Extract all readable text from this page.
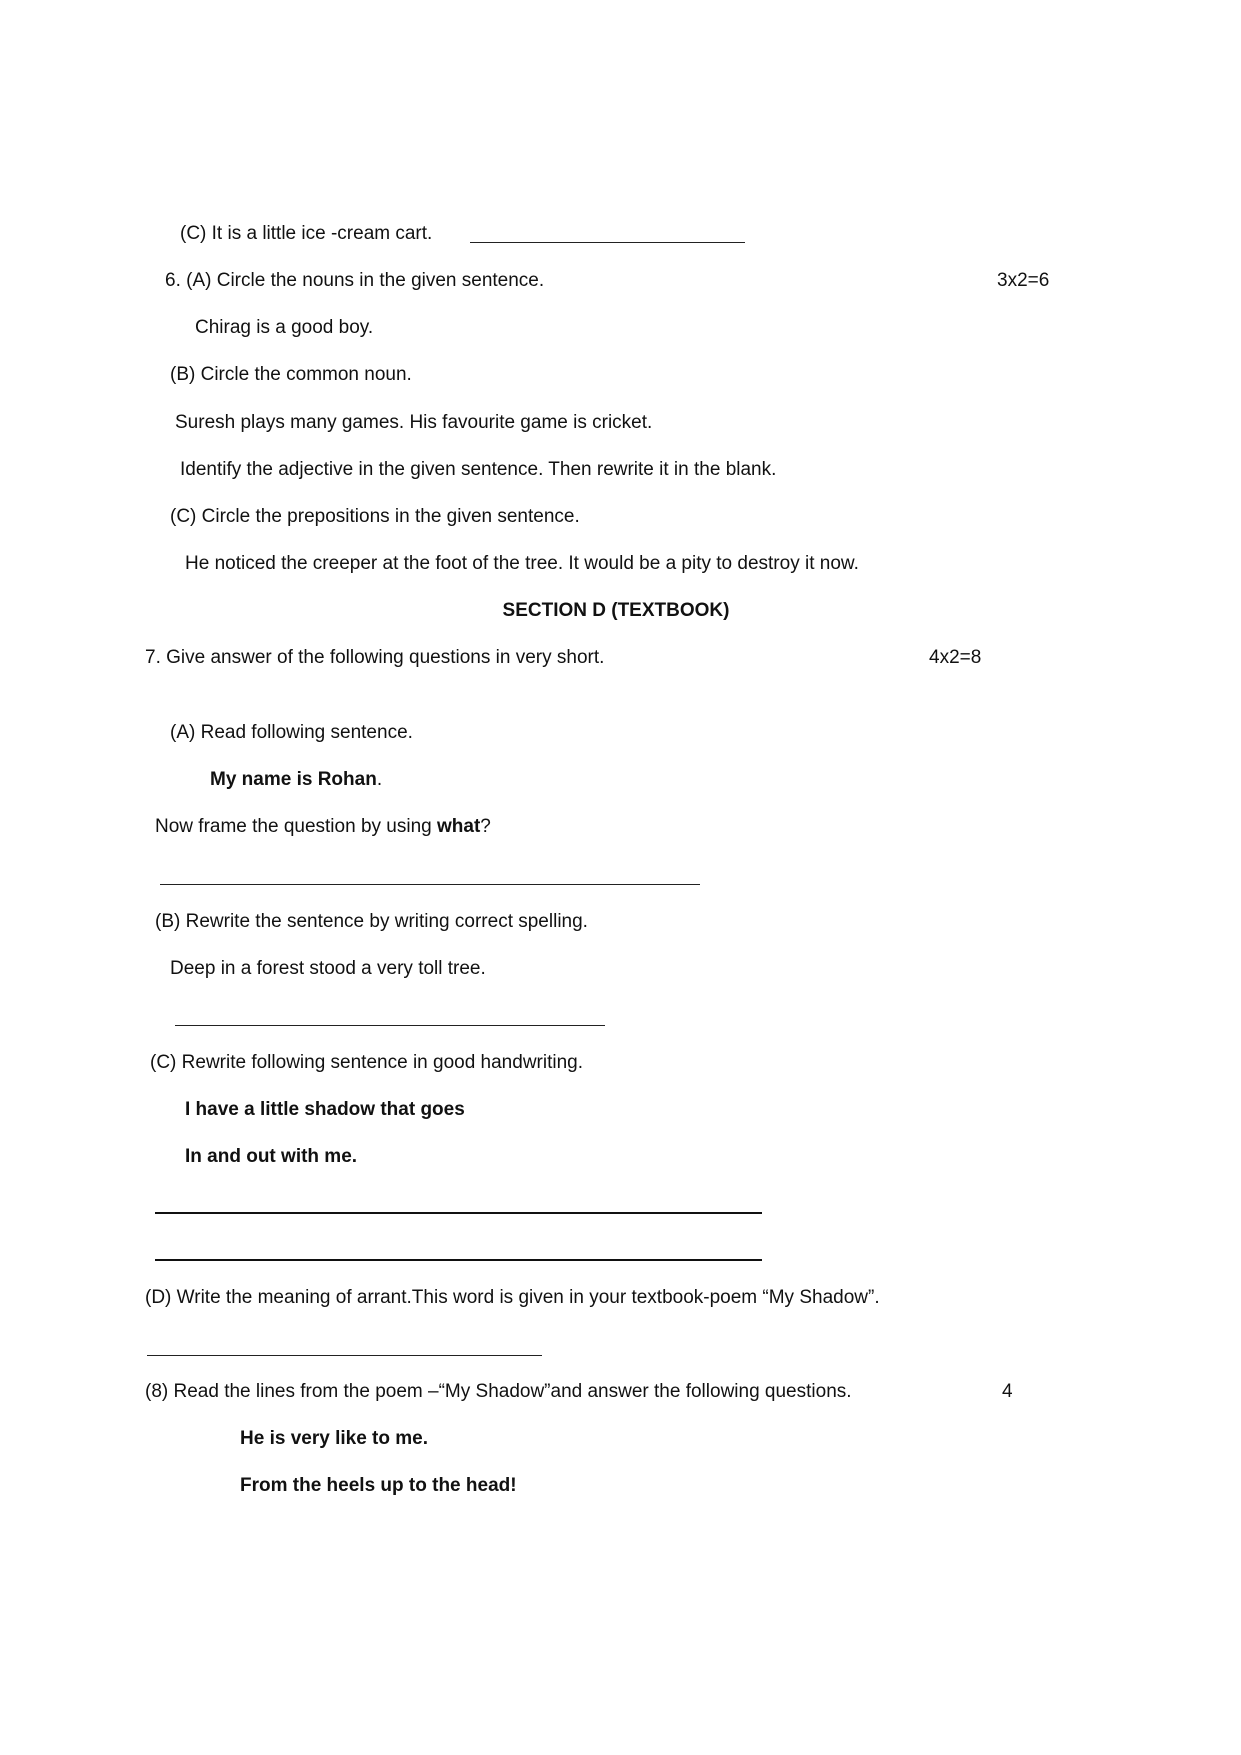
(C) It is a little ice -cream cart.
6. (A) Circle the nouns in the given sentence.	3x2=6
Chirag is a good boy.
(B) Circle the common noun.
Suresh plays many games. His favourite game is cricket.
Identify the adjective in the given sentence. Then rewrite it in the blank.
(C) Circle the prepositions in the given sentence.
He noticed the creeper at the foot of the tree. It would be a pity to destroy it now.
SECTION D (TEXTBOOK)
7. Give answer of the following questions in very short.	4x2=8
(A) Read following sentence.
My name is Rohan.
Now frame the question by using what?
(B) Rewrite the sentence by writing correct spelling.
Deep in a forest stood a very toll tree.
(C) Rewrite following sentence in good handwriting.
I have a little shadow that goes
In and out with me.
(D) Write the meaning of arrant.This word is given in your textbook-poem “My Shadow”.
(8) Read the lines from the poem –“My Shadow”and answer the following questions.	4
He is very like to me.
From the heels up to the head!
